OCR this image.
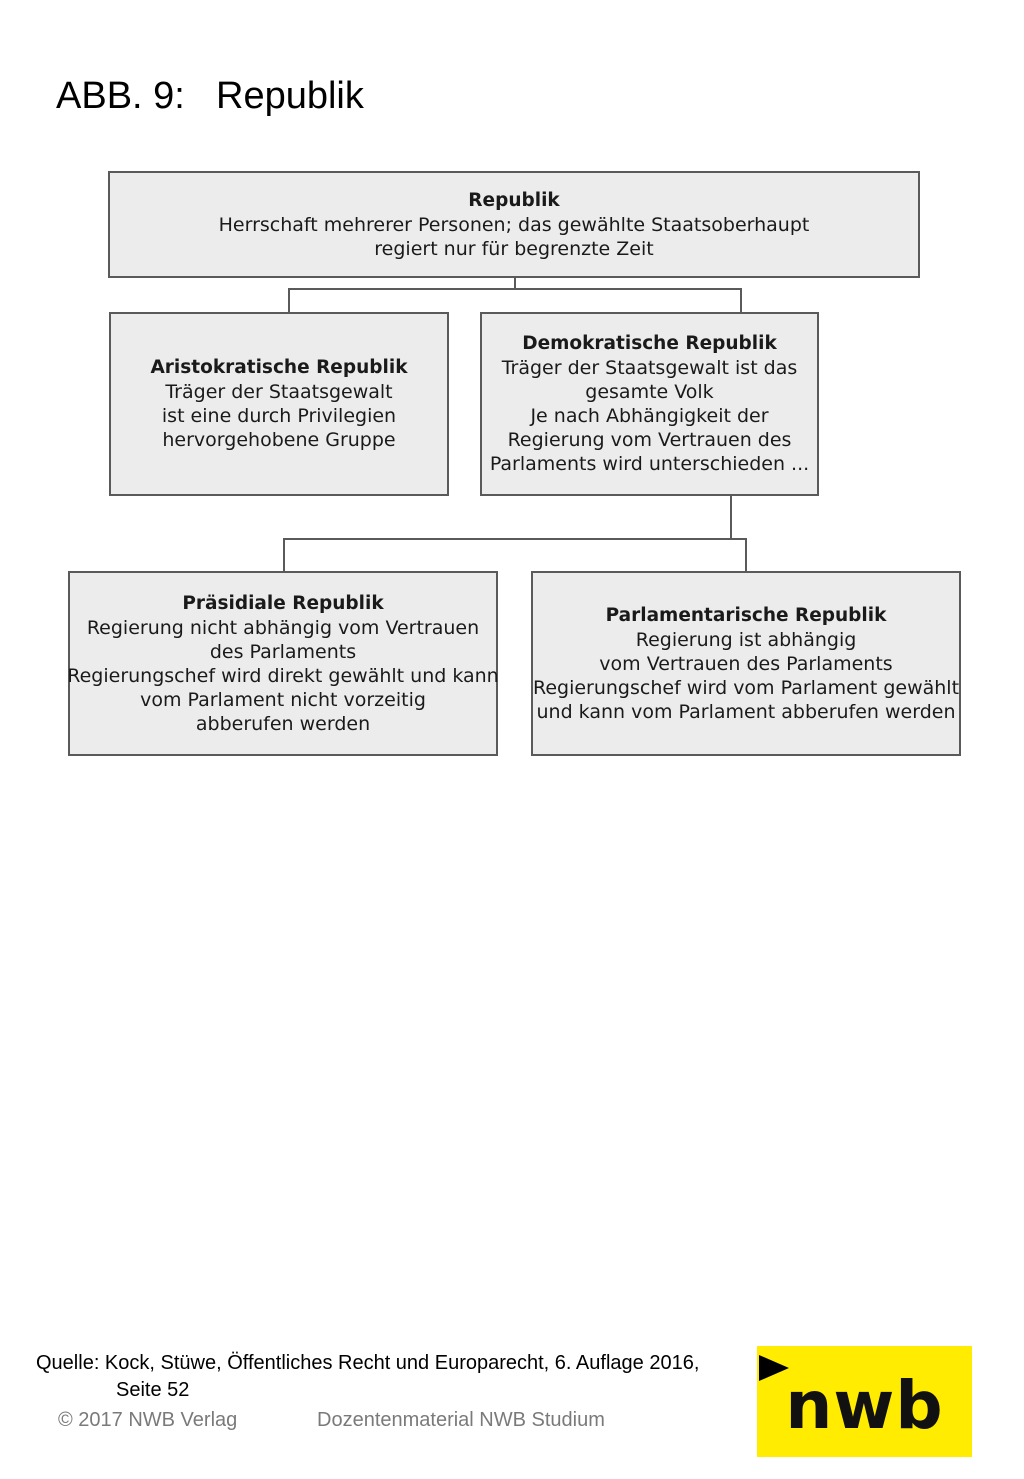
ABB. 9: Republik
Republik
Herrschaft mehrerer Personen; das gewählte Staatsoberhaupt
regiert nur für begrenzte Zeit
Aristokratische Republik
Träger der Staatsgewalt
ist eine durch Privilegien
hervorgehobene Gruppe
Demokratische Republik
Träger der Staatsgewalt ist das
gesamte Volk
Je nach Abhängigkeit der
Regierung vom Vertrauen des
Parlaments wird unterschieden ...
Präsidiale Republik
Regierung nicht abhängig vom Vertrauen
des Parlaments
Regierungschef wird direkt gewählt und kann
vom Parlament nicht vorzeitig
abberufen werden
Parlamentarische Republik
Regierung ist abhängig
vom Vertrauen des Parlaments
Regierungschef wird vom Parlament gewählt
und kann vom Parlament abberufen werden
nwb
Quelle: Kock, Stüwe, Öffentliches Recht und Europarecht, 6. Auflage 2016,
Seite 52
© 2017 NWB Verlag	Dozentenmaterial NWB Studium
